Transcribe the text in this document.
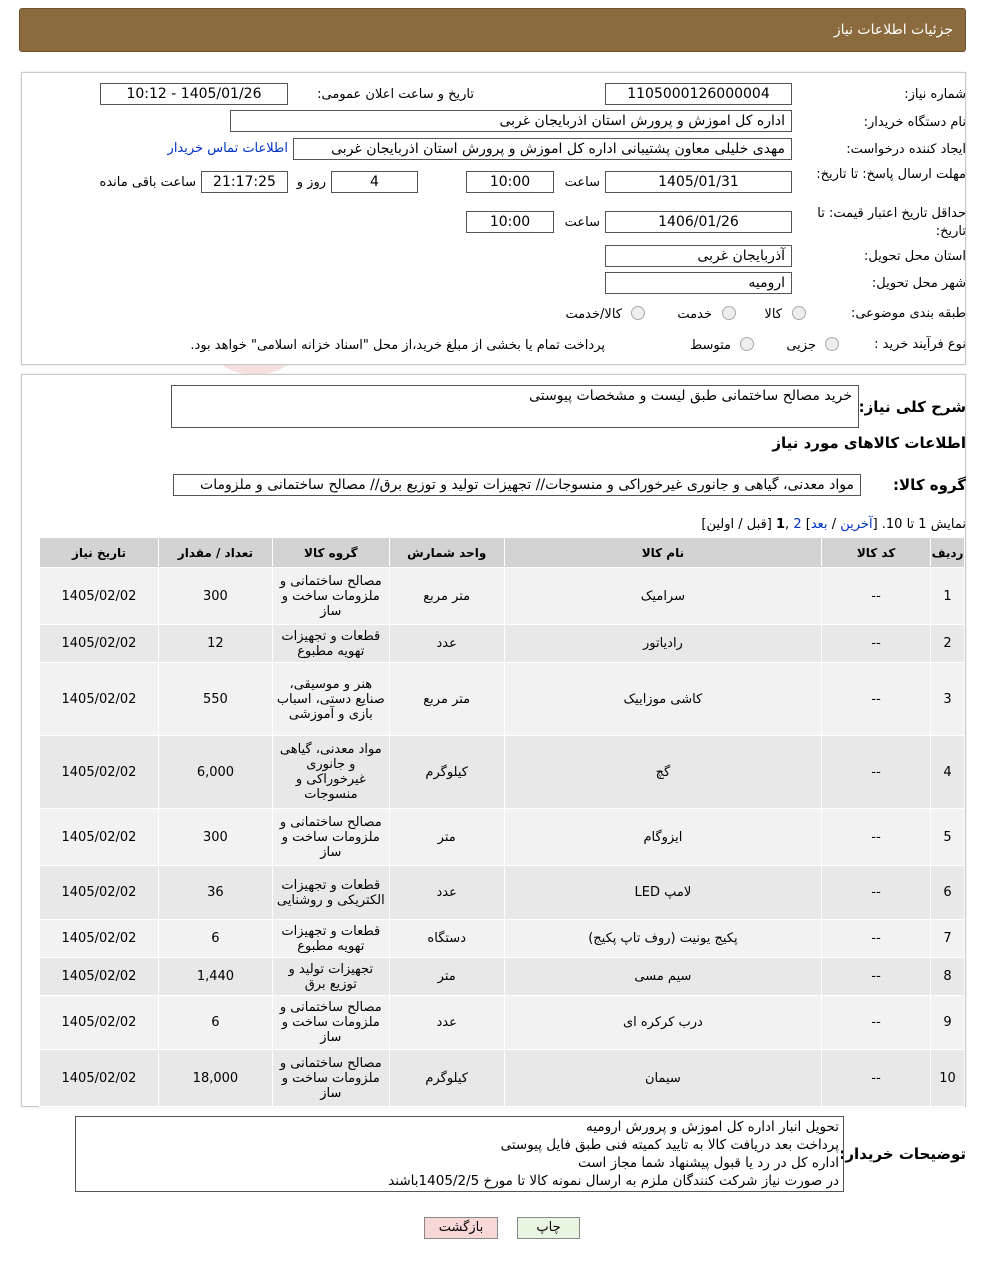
جزئیات اطلاعات نیاز
شماره نیاز:
1105000126000004
تاریخ و ساعت اعلان عمومی:
1405/01/26 - 10:12
نام دستگاه خریدار:
اداره کل اموزش و پرورش استان اذربایجان غربی
ایجاد کننده درخواست:
مهدی خلیلی معاون پشتیبانی اداره کل اموزش و پرورش استان اذربایجان غربی
اطلاعات تماس خریدار
مهلت ارسال پاسخ: تا تاریخ:
1405/01/31
ساعت
10:00
4
روز و
21:17:25
ساعت باقی مانده
حداقل تاریخ اعتبار قیمت: تا تاریخ:
1406/01/26
ساعت
10:00
استان محل تحویل:
آذربایجان غربی
شهر محل تحویل:
ارومیه
طبقه بندی موضوعی:
کالا
خدمت
کالا/خدمت
نوع فرآیند خرید :
جزیی
متوسط
پرداخت تمام یا بخشی از مبلغ خرید،از محل "اسناد خزانه اسلامی" خواهد بود.
شرح کلی نیاز:
خرید مصالح ساختمانی طبق لیست و مشخصات پیوستی
اطلاعات کالاهای مورد نیاز
گروه کالا:
مواد معدنی، گیاهی و جانوری غیرخوراکی و منسوجات// تجهیزات تولید و توزیع برق// مصالح ساختمانی و ملزومات
نمایش 1 تا 10. [آخرین / بعد] 2 ,1 [قبل / اولین]
ردیف	کد کالا	نام کالا	واحد شمارش	گروه کالا	تعداد / مقدار	تاریخ نیاز
1	--	سرامیک	متر مربع	مصالح ساختمانی و ملزومات ساخت و ساز	300	1405/02/02
2	--	رادیاتور	عدد	قطعات و تجهیزات تهویه مطبوع	12	1405/02/02
3	--	کاشی موزاییک	متر مربع	هنر و موسیقی، صنایع دستی، اسباب بازی و آموزشی	550	1405/02/02
4	--	گچ	کیلوگرم	مواد معدنی، گیاهی و جانوری غیرخوراکی و منسوجات	6,000	1405/02/02
5	--	ایزوگام	متر	مصالح ساختمانی و ملزومات ساخت و ساز	300	1405/02/02
6	--	لامپ LED	عدد	قطعات و تجهیزات الکتریکی و روشنایی	36	1405/02/02
7	--	پکیج یونیت (روف تاپ پکیج)	دستگاه	قطعات و تجهیزات تهویه مطبوع	6	1405/02/02
8	--	سیم مسی	متر	تجهیزات تولید و توزیع برق	1,440	1405/02/02
9	--	درب کرکره ای	عدد	مصالح ساختمانی و ملزومات ساخت و ساز	6	1405/02/02
10	--	سیمان	کیلوگرم	مصالح ساختمانی و ملزومات ساخت و ساز	18,000	1405/02/02
توضیحات خریدار:
تحویل انبار اداره کل اموزش و پرورش ارومیه
پرداخت بعد دریافت کالا به تایید کمیته فنی طبق فایل پیوستی
اداره کل در رد یا قبول پیشنهاد شما مجاز است
در صورت نیاز شرکت کنندگان ملزم به ارسال نمونه کالا تا مورخ 1405/2/5باشند
چاپ
بازگشت
